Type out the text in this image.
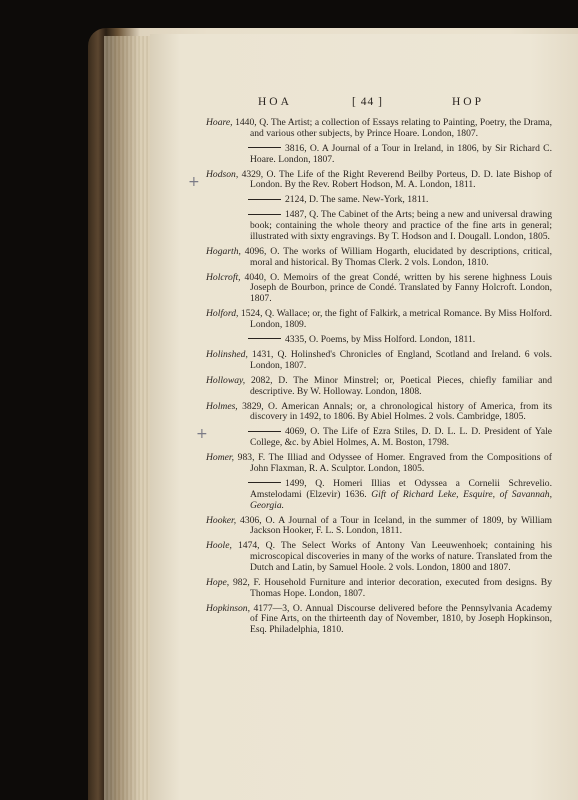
HOA	[ 44 ]	HOP
+
+

Hoare, 1440, Q. The Artist; a collection of Essays relating to Painting, Poetry, the Drama, and various other subjects, by Prince Hoare. London, 1807.

3816, O. A Journal of a Tour in Ireland, in 1806, by Sir Richard C. Hoare. London, 1807.

Hodson, 4329, O. The Life of the Right Reverend Beilby Porteus, D. D. late Bishop of London. By the Rev. Robert Hodson, M. A. London, 1811.

2124, D. The same. New-York, 1811.

1487, Q. The Cabinet of the Arts; being a new and universal drawing book; containing the whole theory and practice of the fine arts in general; illustrated with sixty engravings. By T. Hodson and I. Dougall. London, 1805.

Hogarth, 4096, O. The works of William Hogarth, elucidated by descriptions, critical, moral and historical. By Thomas Clerk. 2 vols. London, 1810.

Holcroft, 4040, O. Memoirs of the great Condé, written by his serene highness Louis Joseph de Bourbon, prince de Condé. Translated by Fanny Holcroft. London, 1807.

Holford, 1524, Q. Wallace; or, the fight of Falkirk, a metrical Romance. By Miss Holford. London, 1809.

4335, O. Poems, by Miss Holford. London, 1811.

Holinshed, 1431, Q. Holinshed's Chronicles of England, Scotland and Ireland. 6 vols. London, 1807.

Holloway, 2082, D. The Minor Minstrel; or, Poetical Pieces, chiefly familiar and descriptive. By W. Holloway. London, 1808.

Holmes, 3829, O. American Annals; or, a chronological history of America, from its discovery in 1492, to 1806. By Abiel Holmes. 2 vols. Cambridge, 1805.

4069, O. The Life of Ezra Stiles, D. D. L. L. D. President of Yale College, &c. by Abiel Holmes, A. M. Boston, 1798.

Homer, 983, F. The Illiad and Odyssee of Homer. Engraved from the Compositions of John Flaxman, R. A. Sculptor. London, 1805.

1499, Q. Homeri Illias et Odyssea a Cornelii Schrevelio. Amstelodami (Elzevir) 1636. Gift of Richard Leke, Esquire, of Savannah, Georgia.

Hooker, 4306, O. A Journal of a Tour in Iceland, in the summer of 1809, by William Jackson Hooker, F. L. S. London, 1811.

Hoole, 1474, Q. The Select Works of Antony Van Leeuwenhoek; containing his microscopical discoveries in many of the works of nature. Translated from the Dutch and Latin, by Samuel Hoole. 2 vols. London, 1800 and 1807.

Hope, 982, F. Household Furniture and interior decoration, executed from designs. By Thomas Hope. London, 1807.

Hopkinson, 4177—3, O. Annual Discourse delivered before the Pennsylvania Academy of Fine Arts, on the thirteenth day of November, 1810, by Joseph Hopkinson, Esq. Philadelphia, 1810.
